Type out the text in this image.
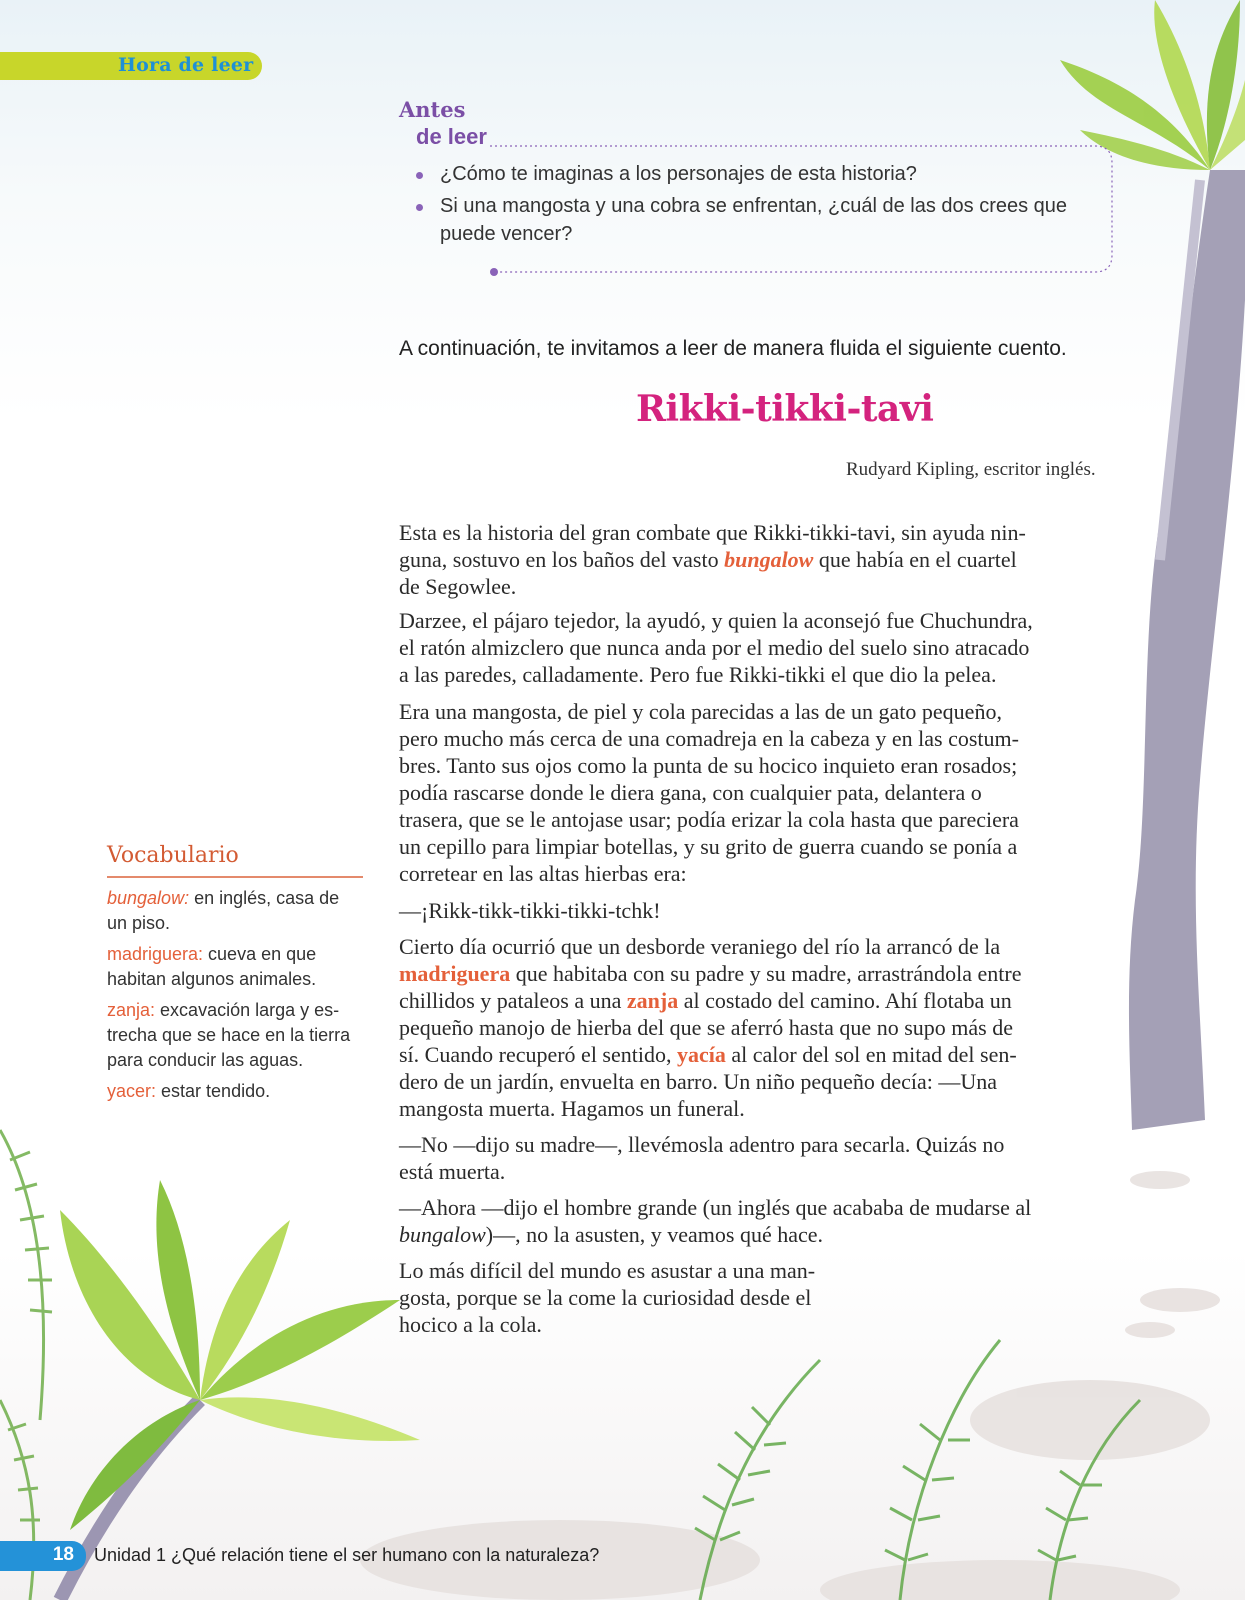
Hora de leer
Antes
de leer
¿Cómo te imaginas a los personajes de esta historia?
Si una mangosta y una cobra se enfrentan, ¿cuál de las dos crees que
puede vencer?
A continuación, te invitamos a leer de manera fluida el siguiente cuento.
Rikki-tikki-tavi
Rudyard Kipling, escritor inglés.
Esta es la historia del gran combate que Rikki-tikki-tavi, sin ayuda nin-
guna, sostuvo en los baños del vasto bungalow que había en el cuartel
de Segowlee.
Darzee, el pájaro tejedor, la ayudó, y quien la aconsejó fue Chuchundra,
el ratón almizclero que nunca anda por el medio del suelo sino atracado
a las paredes, calladamente. Pero fue Rikki-tikki el que dio la pelea.
Era una mangosta, de piel y cola parecidas a las de un gato pequeño,
pero mucho más cerca de una comadreja en la cabeza y en las costum-
bres. Tanto sus ojos como la punta de su hocico inquieto eran rosados;
podía rascarse donde le diera gana, con cualquier pata, delantera o
trasera, que se le antojase usar; podía erizar la cola hasta que pareciera
un cepillo para limpiar botellas, y su grito de guerra cuando se ponía a
corretear en las altas hierbas era:
—¡Rikk-tikk-tikki-tikki-tchk!
Cierto día ocurrió que un desborde veraniego del río la arrancó de la
madriguera que habitaba con su padre y su madre, arrastrándola entre
chillidos y pataleos a una zanja al costado del camino. Ahí flotaba un
pequeño manojo de hierba del que se aferró hasta que no supo más de
sí. Cuando recuperó el sentido, yacía al calor del sol en mitad del sen-
dero de un jardín, envuelta en barro. Un niño pequeño decía: —Una
mangosta muerta. Hagamos un funeral.
—No —dijo su madre—, llevémosla adentro para secarla. Quizás no
está muerta.
—Ahora —dijo el hombre grande (un inglés que acababa de mudarse al
bungalow)—, no la asusten, y veamos qué hace.
Lo más difícil del mundo es asustar a una man-
gosta, porque se la come la curiosidad desde el
hocico a la cola.
Vocabulario
bungalow: en inglés, casa de
un piso.
madriguera: cueva en que
habitan algunos animales.
zanja: excavación larga y es-
trecha que se hace en la tierra
para conducir las aguas.
yacer: estar tendido.
18 Unidad 1 ¿Qué relación tiene el ser humano con la naturaleza?
